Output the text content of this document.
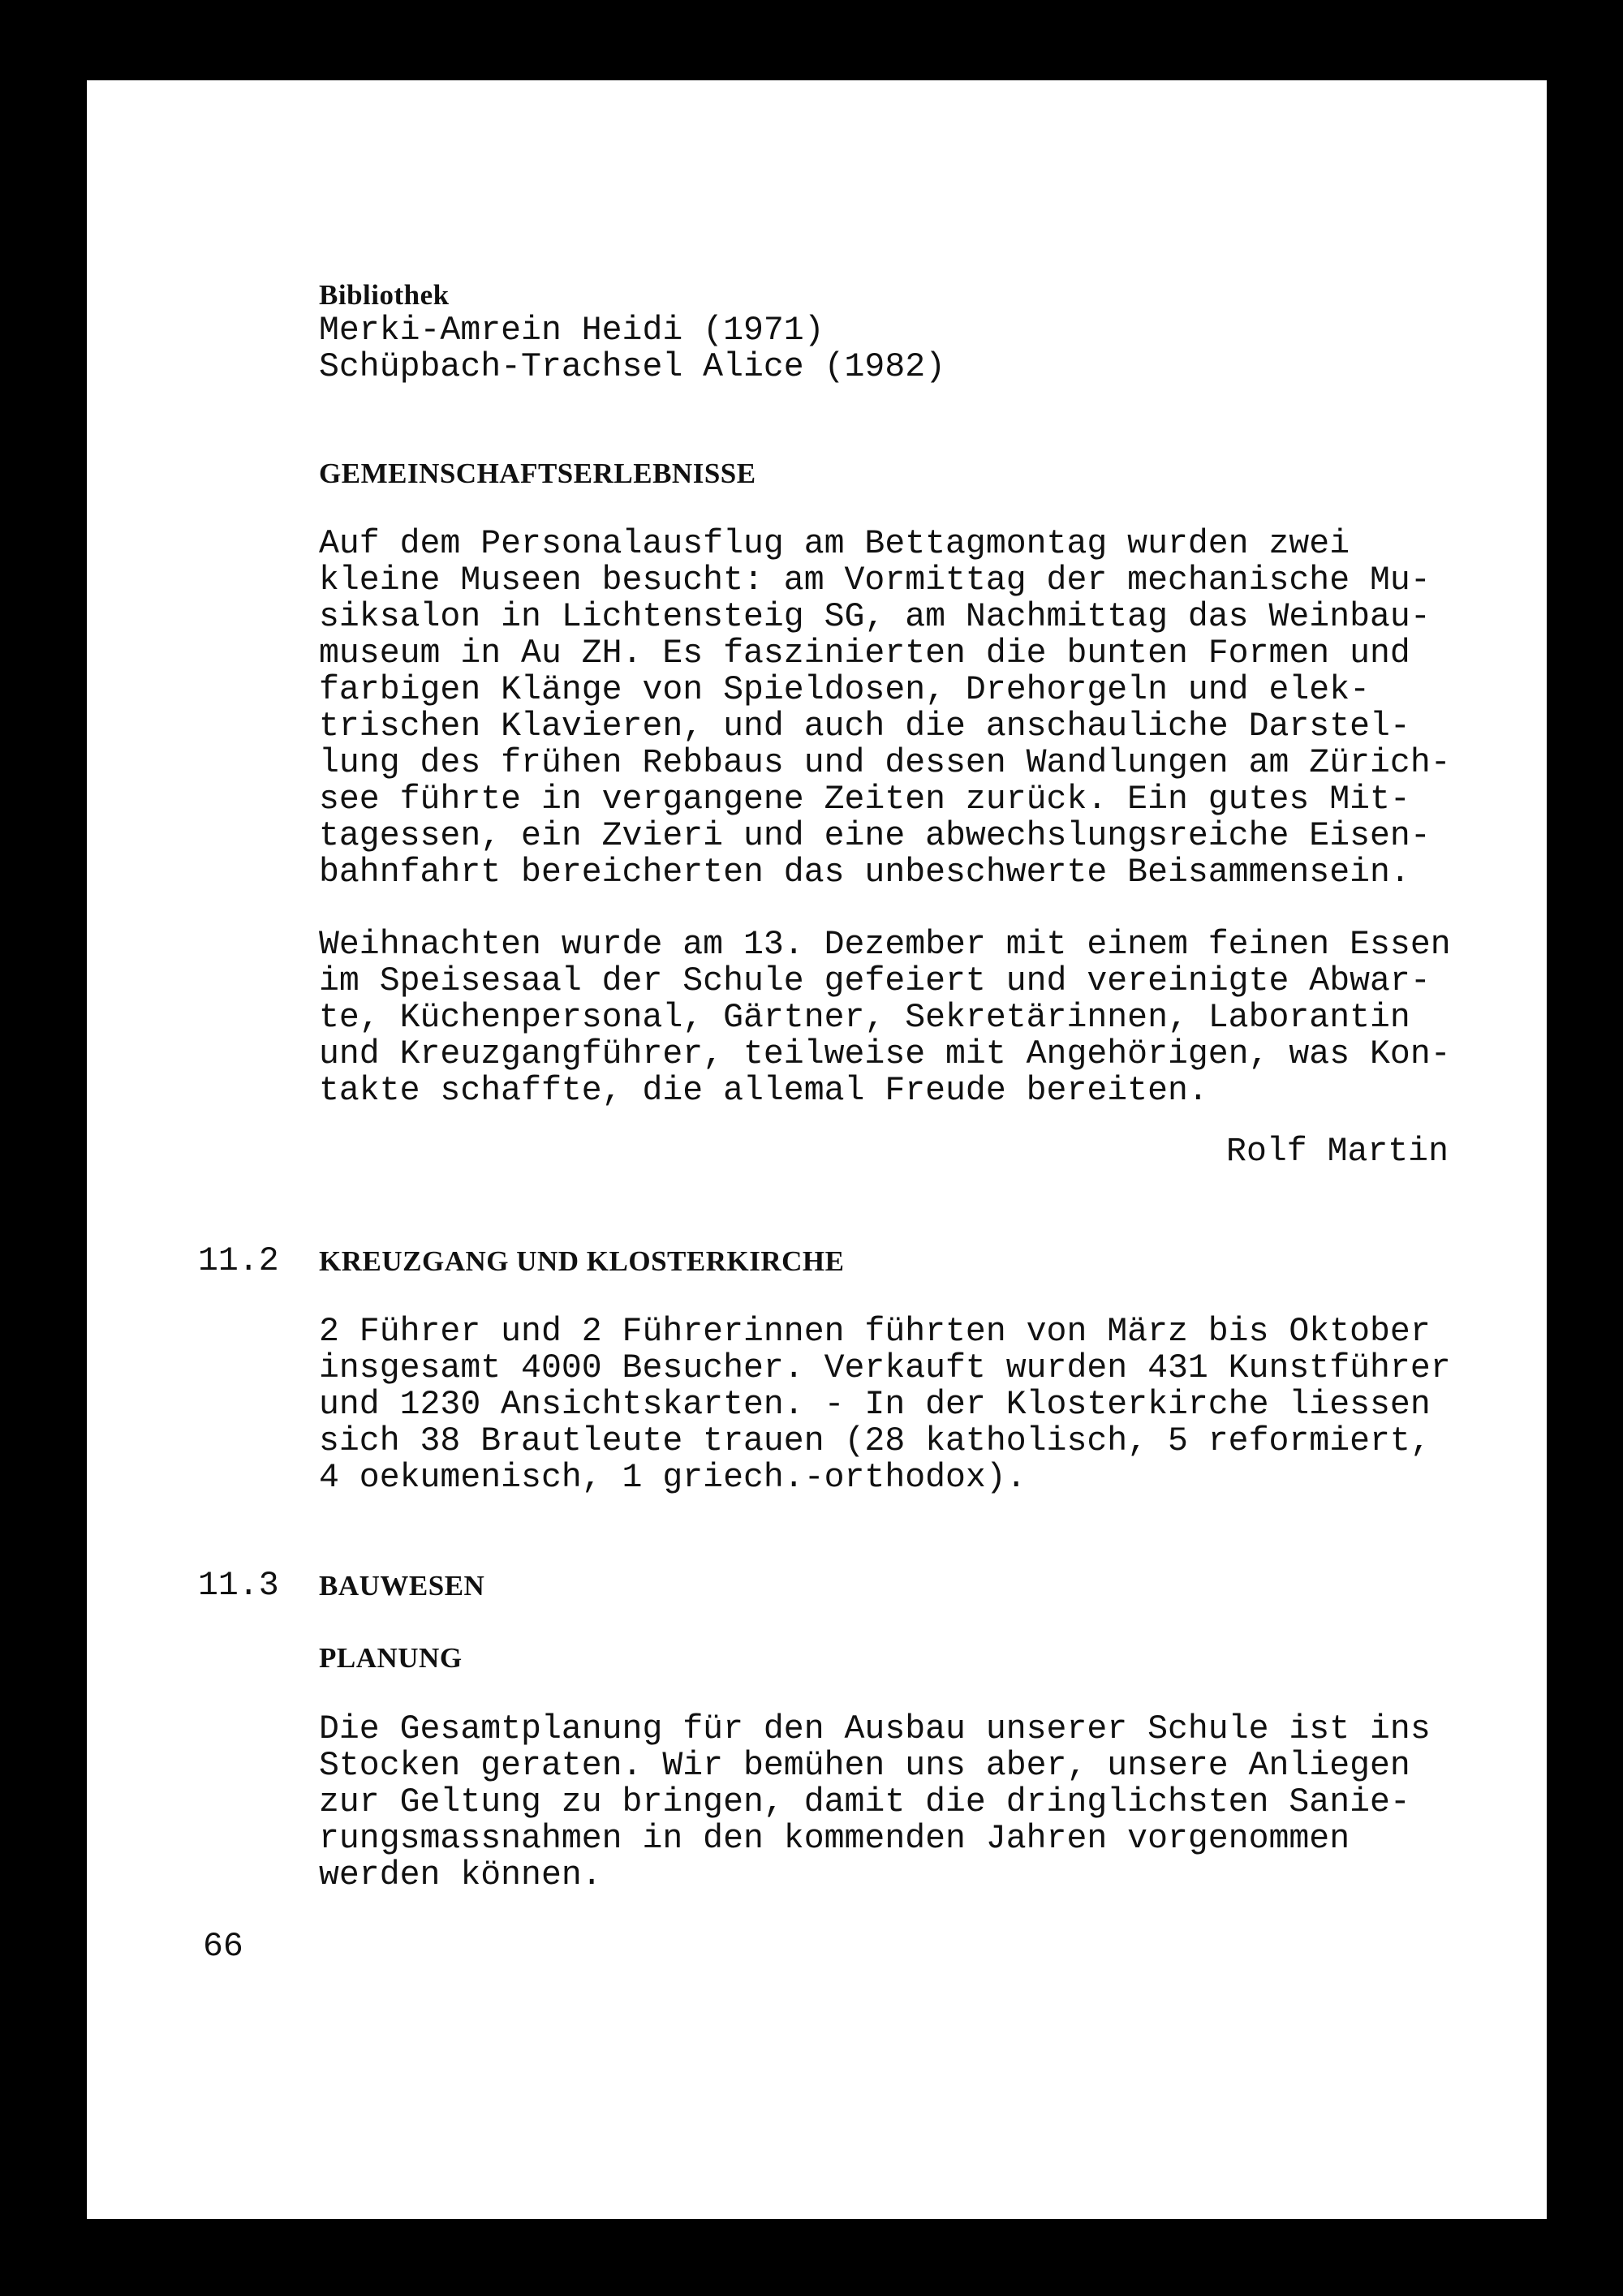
Bibliothek
Merki-Amrein Heidi (1971)
Schüpbach-Trachsel Alice (1982)
GEMEINSCHAFTSERLEBNISSE
Auf dem Personalausflug am Bettagmontag wurden zwei
kleine Museen besucht: am Vormittag der mechanische Mu-
siksalon in Lichtensteig SG, am Nachmittag das Weinbau-
museum in Au ZH. Es faszinierten die bunten Formen und
farbigen Klänge von Spieldosen, Drehorgeln und elek-
trischen Klavieren, und auch die anschauliche Darstel-
lung des frühen Rebbaus und dessen Wandlungen am Zürich-
see führte in vergangene Zeiten zurück. Ein gutes Mit-
tagessen, ein Zvieri und eine abwechslungsreiche Eisen-
bahnfahrt bereicherten das unbeschwerte Beisammensein.
Weihnachten wurde am 13. Dezember mit einem feinen Essen
im Speisesaal der Schule gefeiert und vereinigte Abwar-
te, Küchenpersonal, Gärtner, Sekretärinnen, Laborantin
und Kreuzgangführer, teilweise mit Angehörigen, was Kon-
takte schaffte, die allemal Freude bereiten.
Rolf Martin
11.2 KREUZGANG UND KLOSTERKIRCHE
2 Führer und 2 Führerinnen führten von März bis Oktober
insgesamt 4000 Besucher. Verkauft wurden 431 Kunstführer
und 1230 Ansichtskarten. - In der Klosterkirche liessen
sich 38 Brautleute trauen (28 katholisch, 5 reformiert,
4 oekumenisch, 1 griech.-orthodox).
11.3 BAUWESEN
PLANUNG
Die Gesamtplanung für den Ausbau unserer Schule ist ins
Stocken geraten. Wir bemühen uns aber, unsere Anliegen
zur Geltung zu bringen, damit die dringlichsten Sanie-
rungsmassnahmen in den kommenden Jahren vorgenommen
werden können.
66
